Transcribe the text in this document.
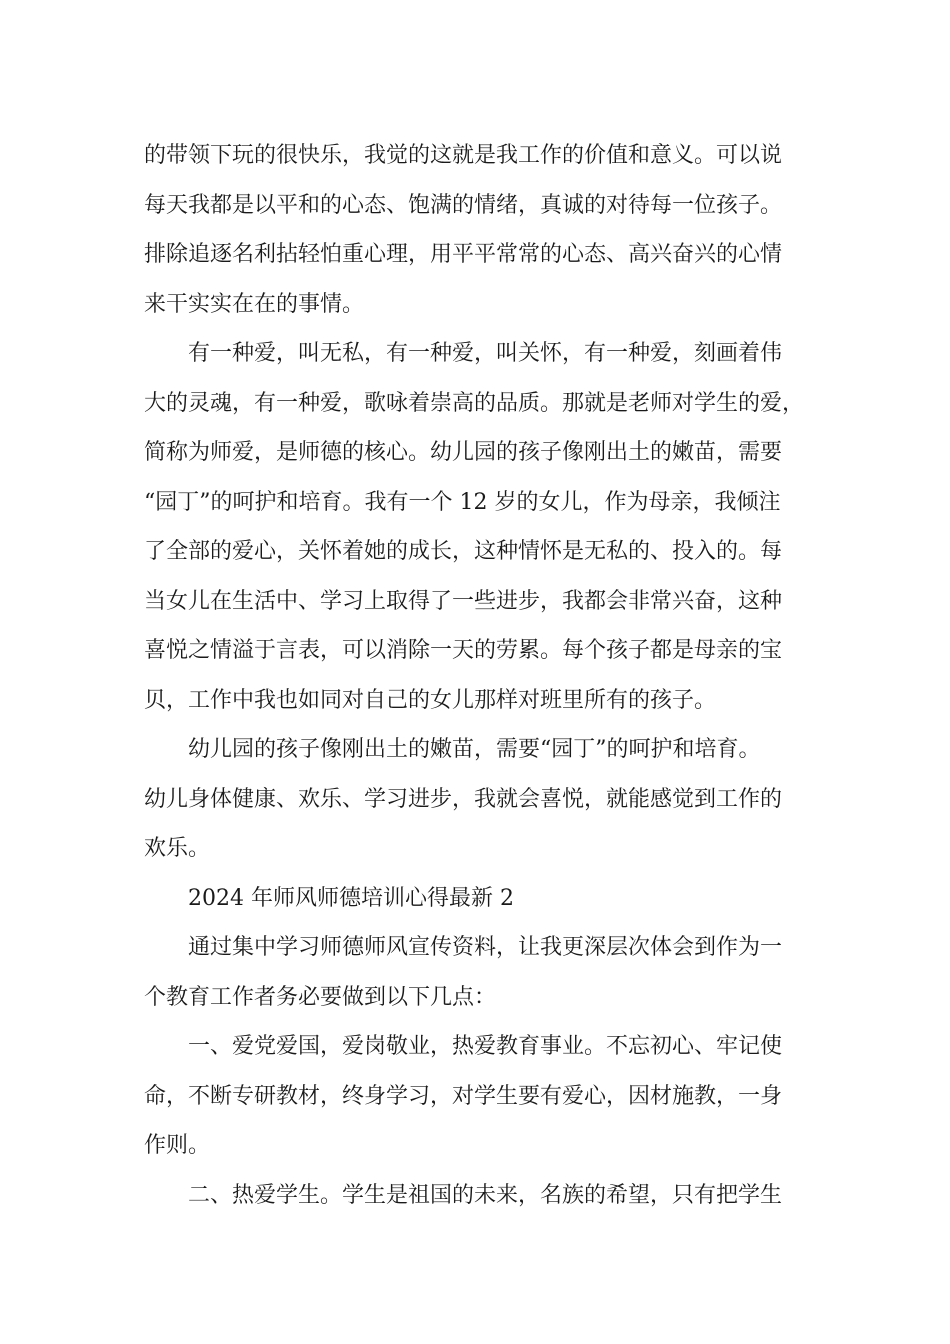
的带领下玩的很快乐，我觉的这就是我工作的价值和意义。可以说
每天我都是以平和的心态、饱满的情绪，真诚的对待每一位孩子。
排除追逐名利拈轻怕重心理，用平平常常的心态、高兴奋兴的心情
来干实实在在的事情。
有一种爱，叫无私，有一种爱，叫关怀，有一种爱，刻画着伟
大的灵魂，有一种爱，歌咏着崇高的品质。那就是老师对学生的爱，
简称为师爱，是师德的核心。幼儿园的孩子像刚出土的嫩苗，需要
“园丁”的呵护和培育。我有一个 12 岁的女儿，作为母亲，我倾注
了全部的爱心，关怀着她的成长，这种情怀是无私的、投入的。每
当女儿在生活中、学习上取得了一些进步，我都会非常兴奋，这种
喜悦之情溢于言表，可以消除一天的劳累。每个孩子都是母亲的宝
贝，工作中我也如同对自己的女儿那样对班里所有的孩子。
幼儿园的孩子像刚出土的嫩苗，需要“园丁”的呵护和培育。
幼儿身体健康、欢乐、学习进步，我就会喜悦，就能感觉到工作的
欢乐。
2024 年师风师德培训心得最新 2
通过集中学习师德师风宣传资料，让我更深层次体会到作为一
个教育工作者务必要做到以下几点：
一、爱党爱国，爱岗敬业，热爱教育事业。不忘初心、牢记使
命，不断专研教材，终身学习，对学生要有爱心，因材施教，一身
作则。
二、热爱学生。学生是祖国的未来，名族的希望，只有把学生
